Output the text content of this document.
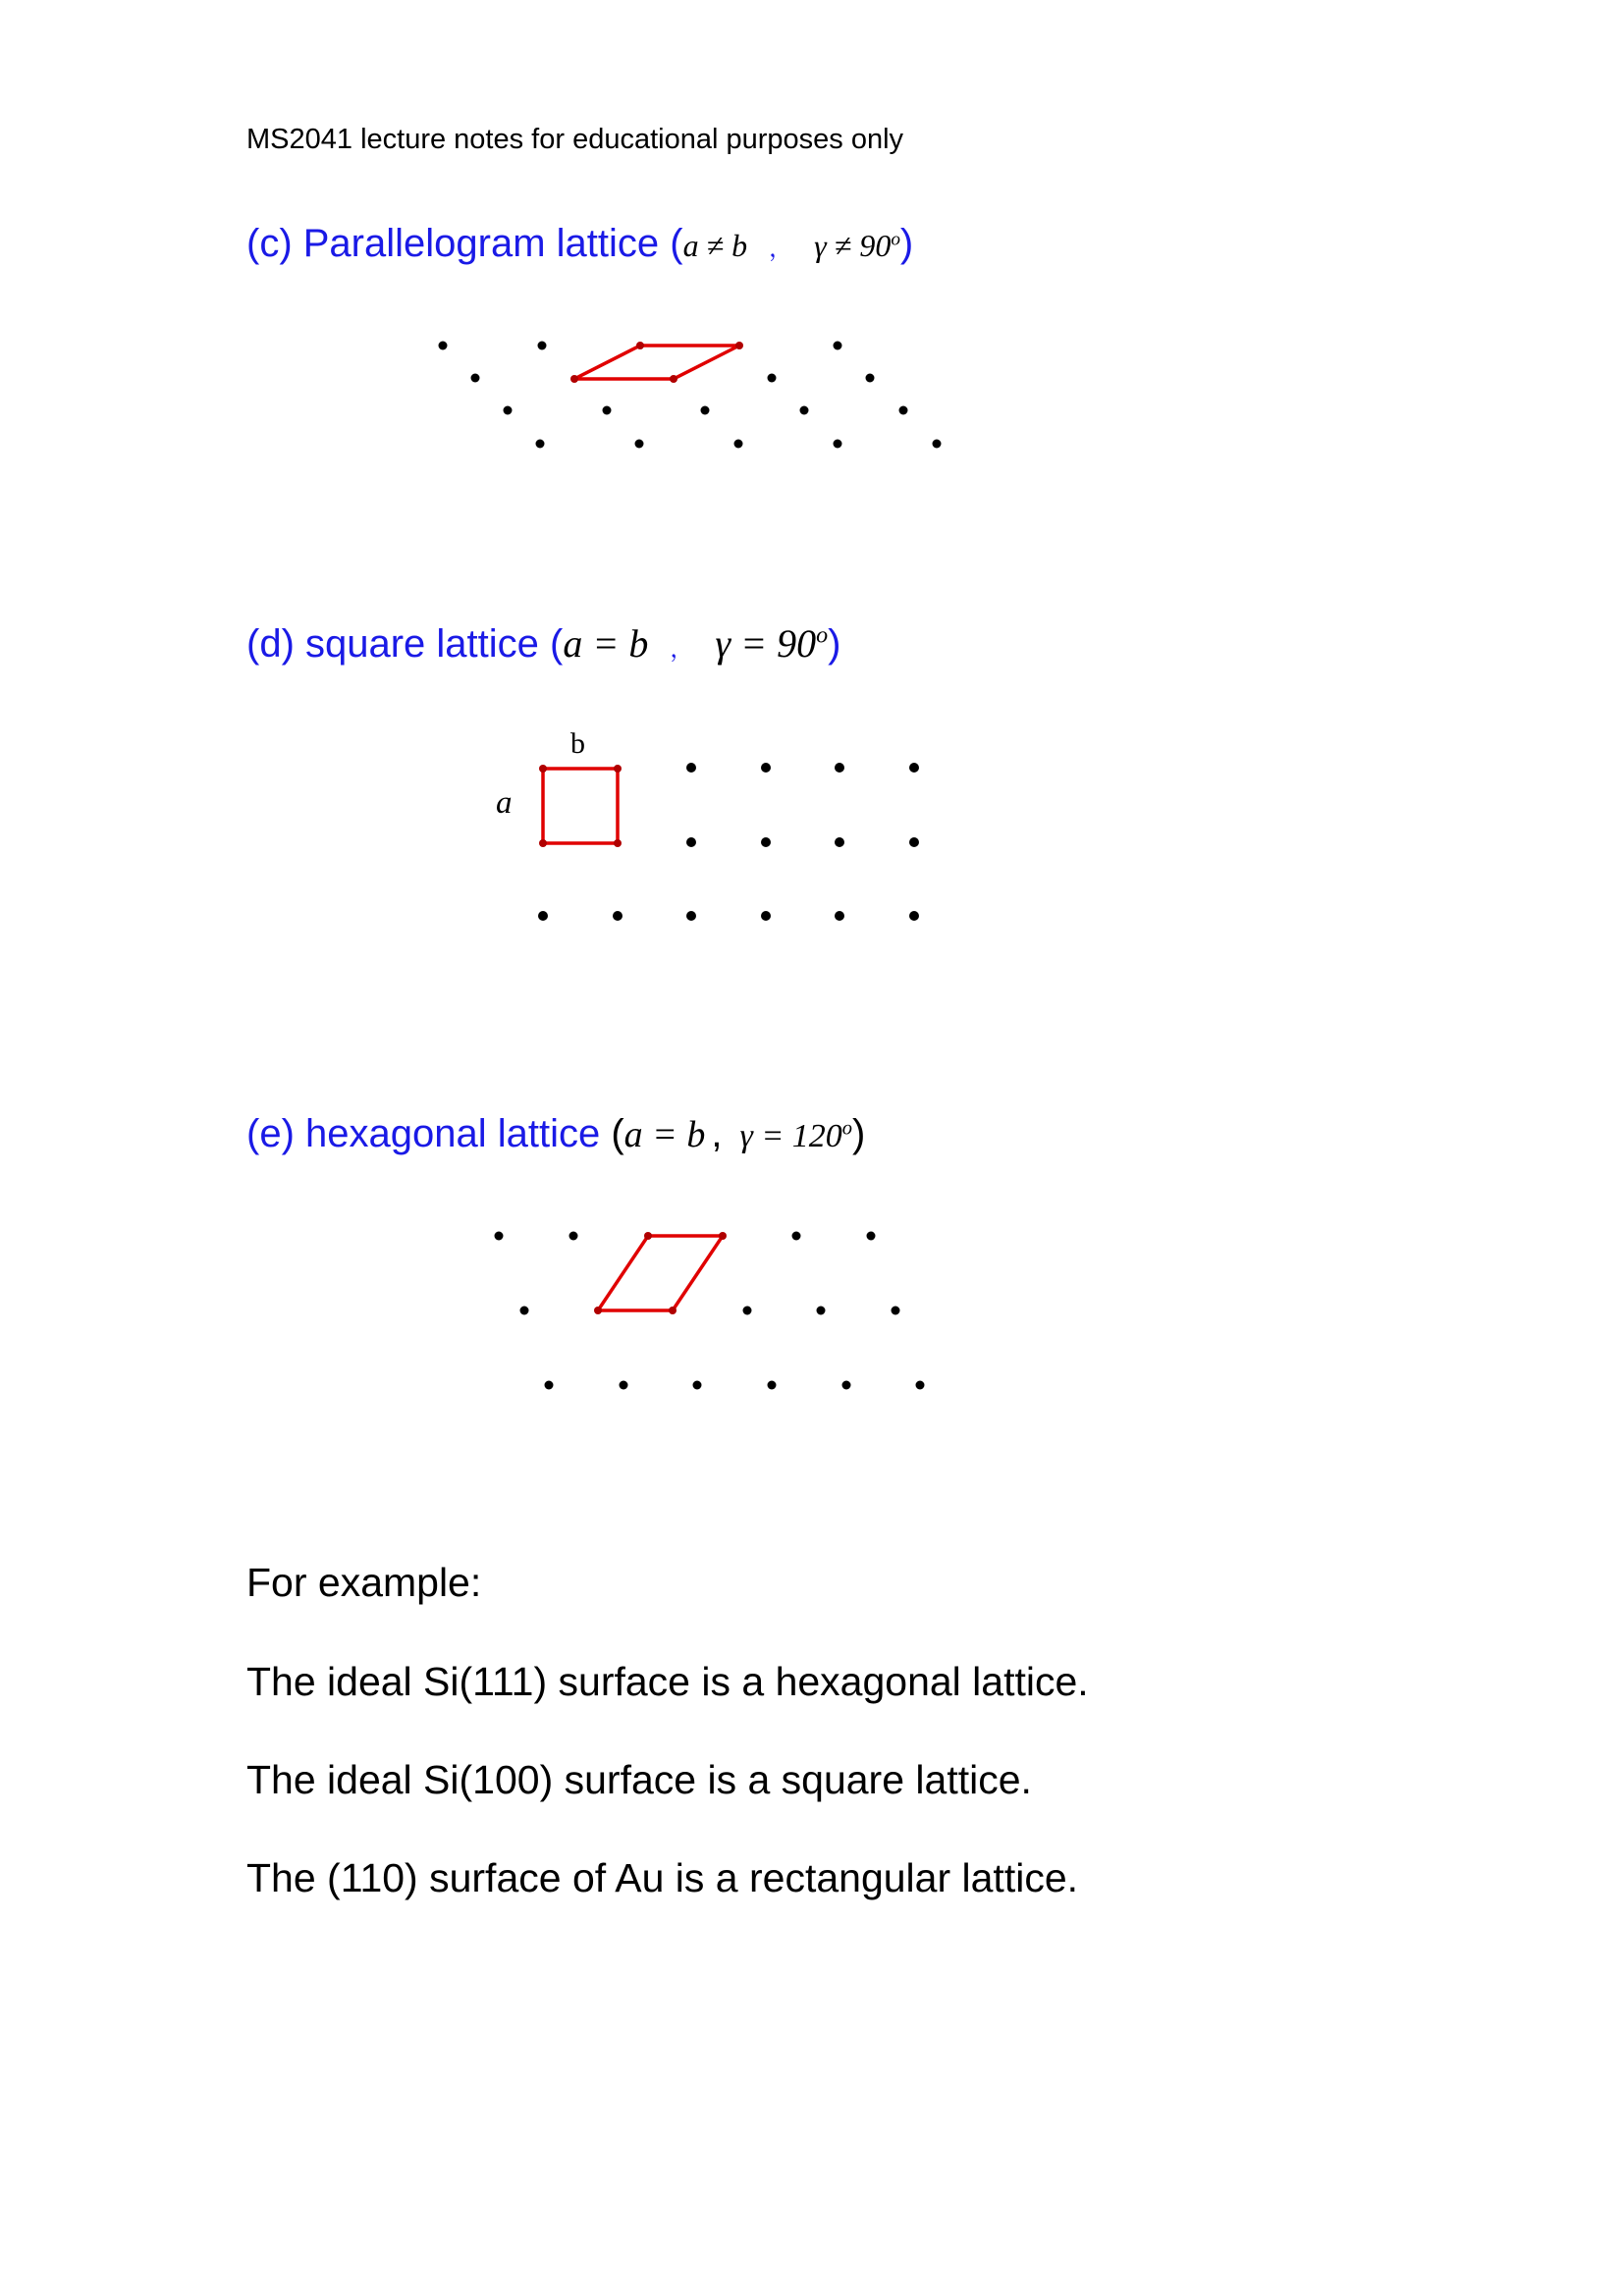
MS2041 lecture notes for educational purposes only
(c) Parallelogram lattice (a ≠ b ， $\gamma \ne 90^o$)
(d) square lattice (a = b ， $\gamma = 90^o$)
b
a
(e) hexagonal lattice (a = b , $\gamma = 120^o$)
For example:
The ideal Si(111) surface is a hexagonal lattice.
The ideal Si(100) surface is a square lattice.
The (110) surface of Au is a rectangular lattice.
